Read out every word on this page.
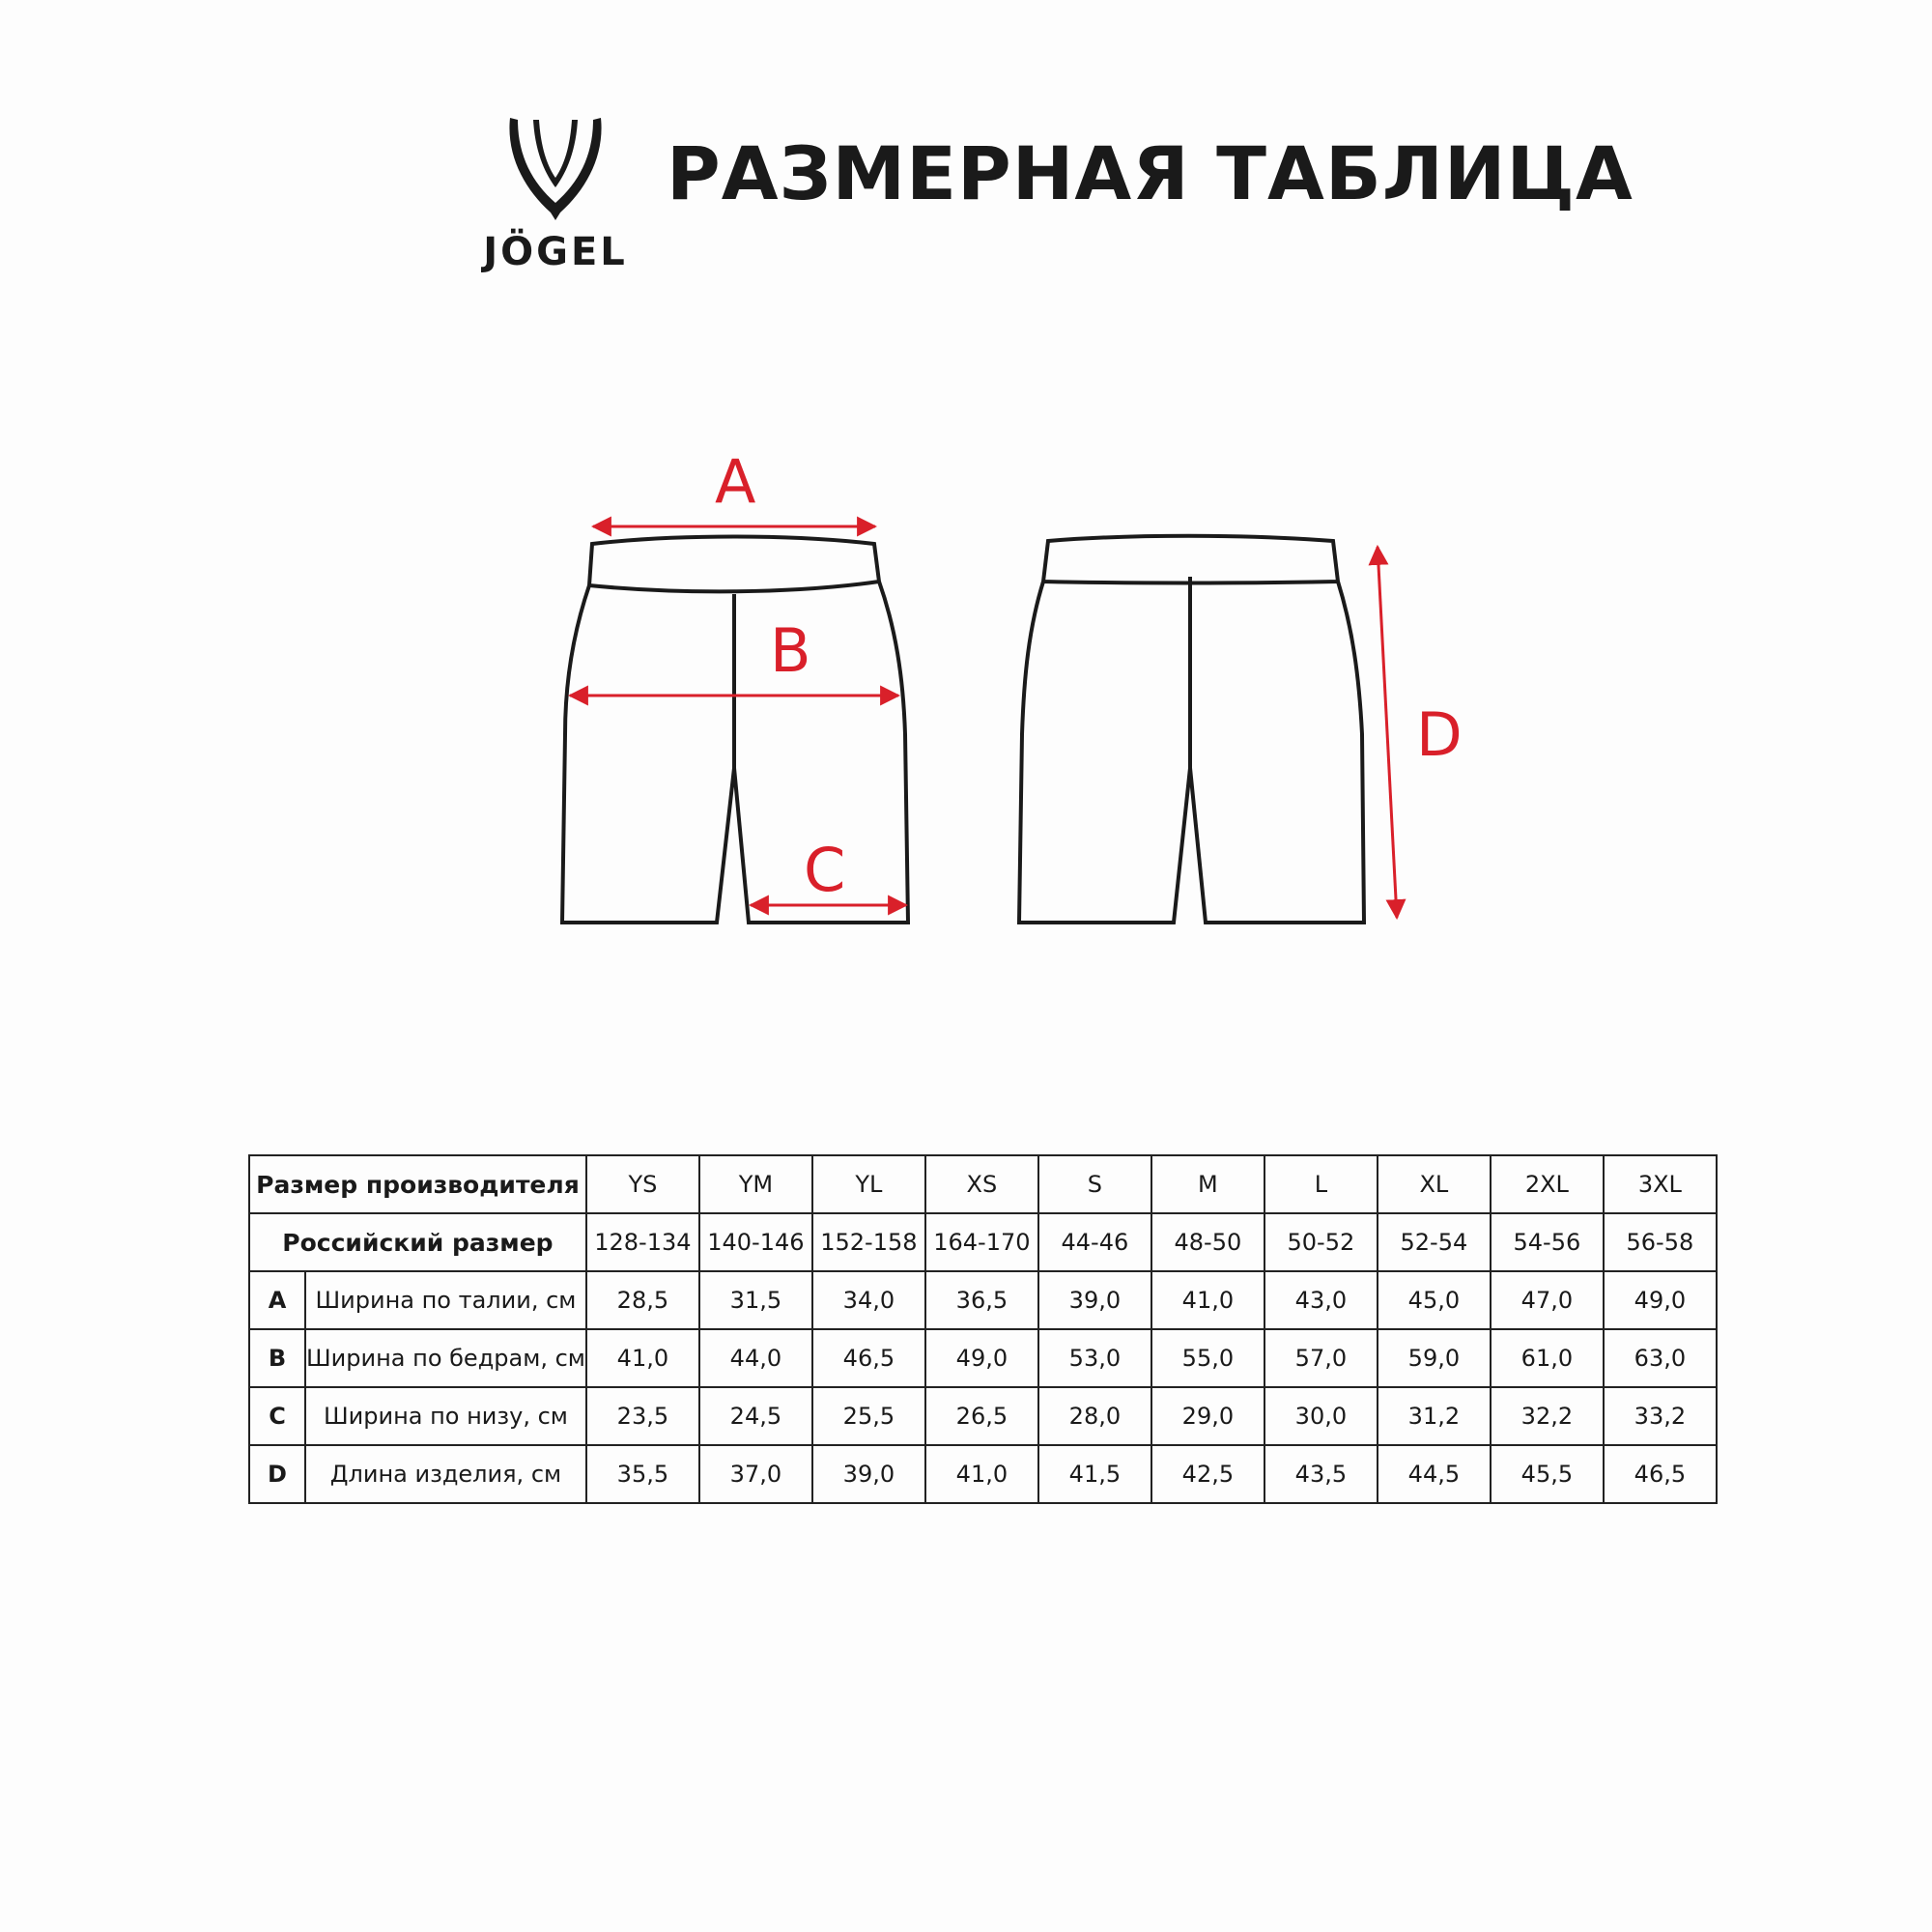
JÖGEL
РАЗМЕРНАЯ ТАБЛИЦА
A
B
C
D
Размер производителя		YS	YM	YL	XS	S	M	L	XL	2XL	3XL
Российский размер		128-134	140-146	152-158	164-170	44-46	48-50	50-52	52-54	54-56	56-58
A	Ширина по талии, см	28,5	31,5	34,0	36,5	39,0	41,0	43,0	45,0	47,0	49,0
B	Ширина по бедрам, см	41,0	44,0	46,5	49,0	53,0	55,0	57,0	59,0	61,0	63,0
C	Ширина по низу, см	23,5	24,5	25,5	26,5	28,0	29,0	30,0	31,2	32,2	33,2
D	Длина изделия, см	35,5	37,0	39,0	41,0	41,5	42,5	43,5	44,5	45,5	46,5
